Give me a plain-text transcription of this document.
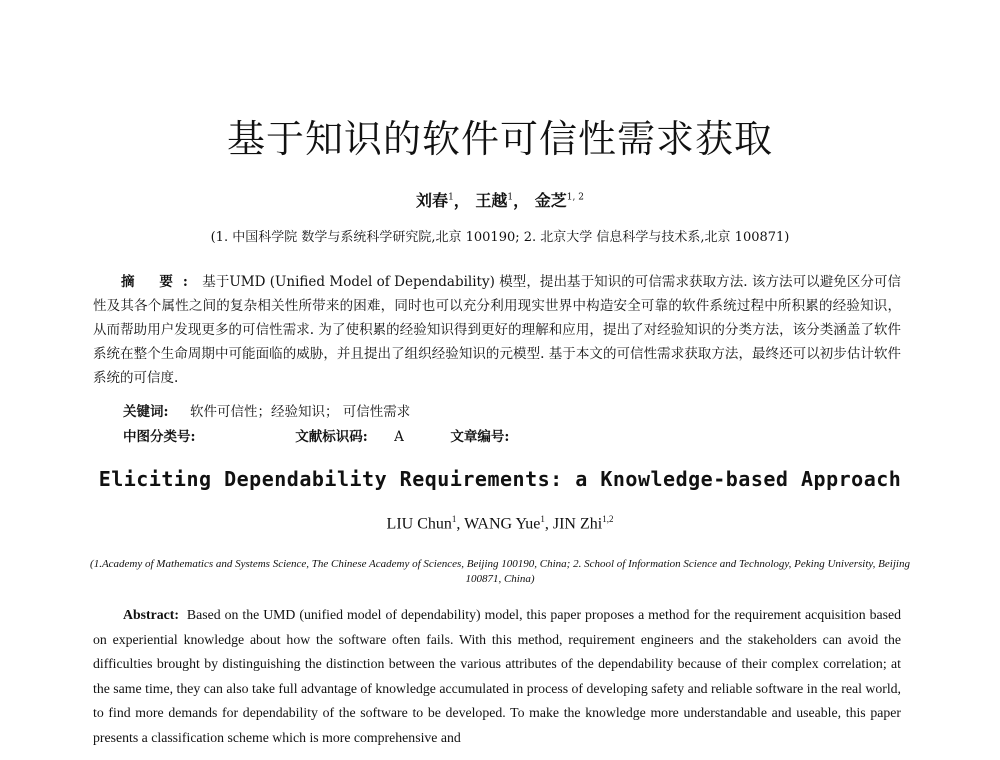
基于知识的软件可信性需求获取
刘春$^1$， 王越$^1$， 金芝$^{1, 2}$
(1. 中国科学院 数学与系统科学研究院,北京 100190; 2. 北京大学 信息科学与技术系,北京 100871)
摘 要: 基于UMD (Unified Model of Dependability) 模型，提出基于知识的可信需求获取方法. 该方法可以避免区分可信性及其各个属性之间的复杂相关性所带来的困难，同时也可以充分利用现实世界中构造安全可靠的软件系统过程中所积累的经验知识，从而帮助用户发现更多的可信性需求. 为了使积累的经验知识得到更好的理解和应用，提出了对经验知识的分类方法，该分类涵盖了软件系统在整个生命周期中可能面临的威胁，并且提出了组织经验知识的元模型. 基于本文的可信性需求获取方法，最终还可以初步估计软件系统的可信度.
关键词: 软件可信性；经验知识； 可信性需求
中图分类号:	文献标识码: A	文章编号:
Eliciting Dependability Requirements: a Knowledge-based Approach
LIU Chun$^1$, WANG Yue$^1$, JIN Zhi$^{1,2}$
(1.Academy of Mathematics and Systems Science, The Chinese Academy of Sciences, Beijing 100190, China; 2. School of Information Science and Technology, Peking University, Beijing 100871, China)
Abstract: Based on the UMD (unified model of dependability) model, this paper proposes a method for the requirement acquisition based on experiential knowledge about how the software often fails. With this method, requirement engineers and the stakeholders can avoid the difficulties brought by distinguishing the distinction between the various attributes of the dependability because of their complex correlation; at the same time, they can also take full advantage of knowledge accumulated in process of developing safety and reliable software in the real world, to find more demands for dependability of the software to be developed. To make the knowledge more understandable and useable, this paper presents a classification scheme which is more comprehensive and
